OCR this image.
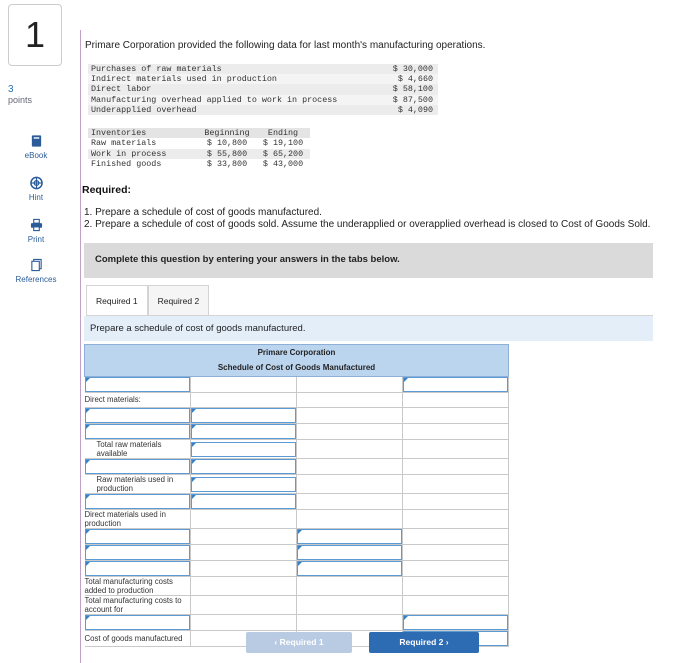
1
3
points
eBook
Hint
Print
References
Primare Corporation provided the following data for last month's manufacturing operations.
Purchases of raw materials	$ 30,000
Indirect materials used in production	$ 4,660
Direct labor	$ 58,100
Manufacturing overhead applied to work in process	$ 87,500
Underapplied overhead	$ 4,090
Inventories	Beginning	Ending
Raw materials	$ 10,800	$ 19,100
Work in process	$ 55,800	$ 65,200
Finished goods	$ 33,800	$ 43,000
Required:
1. Prepare a schedule of cost of goods manufactured.
2. Prepare a schedule of cost of goods sold. Assume the underapplied or overapplied overhead is closed to Cost of Goods Sold.
Complete this question by entering your answers in the tabs below.
Required 1	Required 2
Prepare a schedule of cost of goods manufactured.
Primare Corporation			
Schedule of Cost of Goods Manufactured			

Direct materials:			

Total raw materials available	

Raw materials used in production	

Direct materials used in production			

Total manufacturing costs added to production			
Total manufacturing costs to account for			

Cost of goods manufactured				‹ Required 1	Required 2 ›
